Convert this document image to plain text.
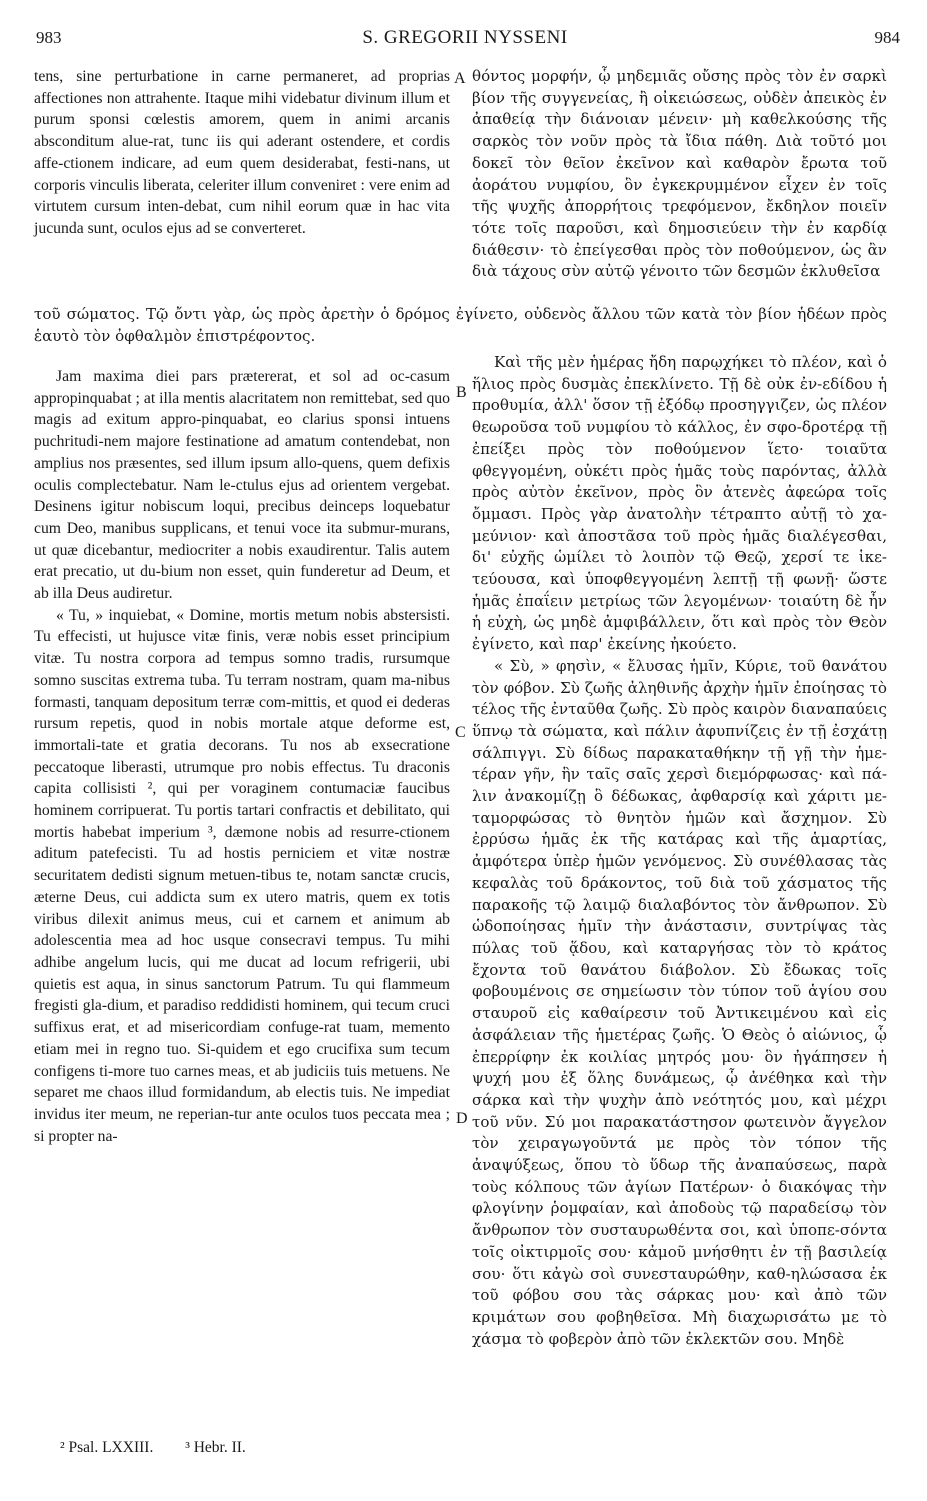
983	S. GREGORII NYSSENI	984
A
B
C
D

tens, sine perturbatione in carne permaneret, ad proprias affectiones non attrahente. Itaque mihi videbatur divinum illum et purum sponsi cœlestis amorem, quem in animi arcanis absconditum alue-rat, tunc iis qui aderant ostendere, et cordis affe-ctionem indicare, ad eum quem desiderabat, festi-nans, ut corporis vinculis liberata, celeriter illum conveniret : vere enim ad virtutem cursum inten-debat, cum nihil eorum quæ in hac vita jucunda sunt, oculos ejus ad se converteret.

θόντος μορφήν, ᾧ μηδεμιᾶς οὔσης πρὸς τὸν ἐν σαρκὶ βίον τῆς συγγενείας, ἢ οἰκειώσεως, οὐδὲν ἀπεικὸς ἐν ἀπαθείᾳ τὴν διάνοιαν μένειν· μὴ καθελκούσης τῆς σαρκὸς τὸν νοῦν πρὸς τὰ ἴδια πάθη. Διὰ τοῦτό μοι δοκεῖ τὸν θεῖον ἐκεῖνον καὶ καθαρὸν ἔρωτα τοῦ ἀοράτου νυμφίου, ὃν ἐγκεκρυμμένον εἶχεν ἐν τοῖς τῆς ψυχῆς ἀπορρήτοις τρεφόμενον, ἔκδηλον ποιεῖν τότε τοῖς παροῦσι, καὶ δημοσιεύειν τὴν ἐν καρδίᾳ διάθεσιν· τὸ ἐπείγεσθαι πρὸς τὸν ποθούμενον, ὡς ἂν διὰ τάχους σὺν αὐτῷ γένοιτο τῶν δεσμῶν ἐκλυθεῖσα

τοῦ σώματος. Τῷ ὄντι γὰρ, ὡς πρὸς ἀρετὴν ὁ δρόμος ἐγίνετο, οὐδενὸς ἄλλου τῶν κατὰ τὸν βίον ἡδέων πρὸς ἑαυτὸ τὸν ὀφθαλμὸν ἐπιστρέφοντος.

Jam maxima diei pars prætererat, et sol ad oc-casum appropinquabat ; at illa mentis alacritatem non remittebat, sed quo magis ad exitum appro-pinquabat, eo clarius sponsi intuens puchritudi-nem majore festinatione ad amatum contendebat, non amplius nos præsentes, sed illum ipsum allo-quens, quem defixis oculis complectebatur. Nam le-ctulus ejus ad orientem vergebat. Desinens igitur nobiscum loqui, precibus deinceps loquebatur cum Deo, manibus supplicans, et tenui voce ita submur-murans, ut quæ dicebantur, mediocriter a nobis exaudirentur. Talis autem erat precatio, ut du-bium non esset, quin funderetur ad Deum, et ab illa Deus audiretur.

« Tu, » inquiebat, « Domine, mortis metum nobis abstersisti. Tu effecisti, ut hujusce vitæ finis, veræ nobis esset principium vitæ. Tu nostra corpora ad tempus somno tradis, rursumque somno suscitas extrema tuba. Tu terram nostram, quam ma-nibus formasti, tanquam depositum terræ com-mittis, et quod ei dederas rursum repetis, quod in nobis mortale atque deforme est, immortali-tate et gratia decorans. Tu nos ab exsecratione peccatoque liberasti, utrumque pro nobis effectus. Tu draconis capita collisisti ², qui per voraginem contumaciæ faucibus hominem corripuerat. Tu portis tartari confractis et debilitato, qui mortis habebat imperium ³, dæmone nobis ad resurre-ctionem aditum patefecisti. Tu ad hostis perniciem et vitæ nostræ securitatem dedisti signum metuen-tibus te, notam sanctæ crucis, æterne Deus, cui addicta sum ex utero matris, quem ex totis viribus dilexit animus meus, cui et carnem et animum ab adolescentia mea ad hoc usque consecravi tempus. Tu mihi adhibe angelum lucis, qui me ducat ad locum refrigerii, ubi quietis est aqua, in sinus sanctorum Patrum. Tu qui flammeum fregisti gla-dium, et paradiso reddidisti hominem, qui tecum cruci suffixus erat, et ad misericordiam confuge-rat tuam, memento etiam mei in regno tuo. Si-quidem et ego crucifixa sum tecum configens ti-more tuo carnes meas, et ab judiciis tuis metuens. Ne separet me chaos illud formidandum, ab electis tuis. Ne impediat invidus iter meum, ne reperian-tur ante oculos tuos peccata mea ; si propter na-

Καὶ τῆς μὲν ἡμέρας ἤδη παρῳχήκει τὸ πλέον, καὶ ὁ ἥλιος πρὸς δυσμὰς ἐπεκλίνετο. Τῇ δὲ οὐκ ἐν-εδίδου ἡ προθυμία, ἀλλ' ὅσον τῇ ἐξόδῳ προσηγγιζεν, ὡς πλέον θεωροῦσα τοῦ νυμφίου τὸ κάλλος, ἐν σφο-δροτέρᾳ τῇ ἐπείξει πρὸς τὸν ποθούμενον ἵετο· τοιαῦτα φθεγγομένη, οὐκέτι πρὸς ἡμᾶς τοὺς παρόντας, ἀλλὰ πρὸς αὐτὸν ἐκεῖνον, πρὸς ὃν ἀτενὲς ἀφεώρα τοῖς ὄμμασι. Πρὸς γὰρ ἀνατολὴν τέτραπτο αὐτῇ τὸ χα-μεύνιον· καὶ ἀποστᾶσα τοῦ πρὸς ἡμᾶς διαλέγεσθαι, δι' εὐχῆς ὡμίλει τὸ λοιπὸν τῷ Θεῷ, χερσί τε ἱκε-τεύουσα, καὶ ὑποφθεγγομένη λεπτῇ τῇ φωνῇ· ὥστε ἡμᾶς ἐπαΐειν μετρίως τῶν λεγομένων· τοιαύτη δὲ ἦν ἡ εὐχὴ, ὡς μηδὲ ἀμφιβάλλειν, ὅτι καὶ πρὸς τὸν Θεὸν ἐγίνετο, καὶ παρ' ἐκείνης ἠκούετο.

« Σὺ, » φησὶν, « ἔλυσας ἡμῖν, Κύριε, τοῦ θανάτου τὸν φόβον. Σὺ ζωῆς ἀληθινῆς ἀρχὴν ἡμῖν ἐποίησας τὸ τέλος τῆς ἐνταῦθα ζωῆς. Σὺ πρὸς καιρὸν διαναπαύεις ὕπνῳ τὰ σώματα, καὶ πάλιν ἀφυπνίζεις ἐν τῇ ἐσχάτῃ σάλπιγγι. Σὺ δίδως παρακαταθήκην τῇ γῇ τὴν ἡμε-τέραν γῆν, ἣν ταῖς σαῖς χερσὶ διεμόρφωσας· καὶ πά-λιν ἀνακομίζῃ ὃ δέδωκας, ἀφθαρσίᾳ καὶ χάριτι με-ταμορφώσας τὸ θνητὸν ἡμῶν καὶ ἄσχημον. Σὺ ἐρρύσω ἡμᾶς ἐκ τῆς κατάρας καὶ τῆς ἁμαρτίας, ἀμφότερα ὑπὲρ ἡμῶν γενόμενος. Σὺ συνέθλασας τὰς κεφαλὰς τοῦ δράκοντος, τοῦ διὰ τοῦ χάσματος τῆς παρακοῆς τῷ λαιμῷ διαλαβόντος τὸν ἄνθρωπον. Σὺ ὡδοποίησας ἡμῖν τὴν ἀνάστασιν, συντρίψας τὰς πύλας τοῦ ᾅδου, καὶ καταργήσας τὸν τὸ κράτος ἔχοντα τοῦ θανάτου διάβολον. Σὺ ἔδωκας τοῖς φοβουμένοις σε σημείωσιν τὸν τύπον τοῦ ἁγίου σου σταυροῦ εἰς καθαίρεσιν τοῦ Ἀντικειμένου καὶ εἰς ἀσφάλειαν τῆς ἡμετέρας ζωῆς. Ὁ Θεὸς ὁ αἰώνιος, ᾧ ἐπερρίφην ἐκ κοιλίας μητρός μου· ὃν ἠγάπησεν ἡ ψυχή μου ἐξ ὅλης δυνάμεως, ᾧ ἀνέθηκα καὶ τὴν σάρκα καὶ τὴν ψυχὴν ἀπὸ νεότητός μου, καὶ μέχρι τοῦ νῦν. Σύ μοι παρακατάστησον φωτεινὸν ἄγγελον τὸν χειραγωγοῦντά με πρὸς τὸν τόπον τῆς ἀναψύξεως, ὅπου τὸ ὕδωρ τῆς ἀναπαύσεως, παρὰ τοὺς κόλπους τῶν ἁγίων Πατέρων· ὁ διακόψας τὴν φλογίνην ῥομφαίαν, καὶ ἀποδοὺς τῷ παραδείσῳ τὸν ἄνθρωπον τὸν συσταυρωθέντα σοι, καὶ ὑποπε-σόντα τοῖς οἰκτιρμοῖς σου· κἀμοῦ μνήσθητι ἐν τῇ βασιλείᾳ σου· ὅτι κἀγὼ σοὶ συνεσταυρώθην, καθ-ηλώσασα ἐκ τοῦ φόβου σου τὰς σάρκας μου· καὶ ἀπὸ τῶν κριμάτων σου φοβηθεῖσα. Μὴ διαχωρισάτω με τὸ χάσμα τὸ φοβερὸν ἀπὸ τῶν ἐκλεκτῶν σου. Μηδὲ

² Psal. LXXIII. ³ Hebr. II.
